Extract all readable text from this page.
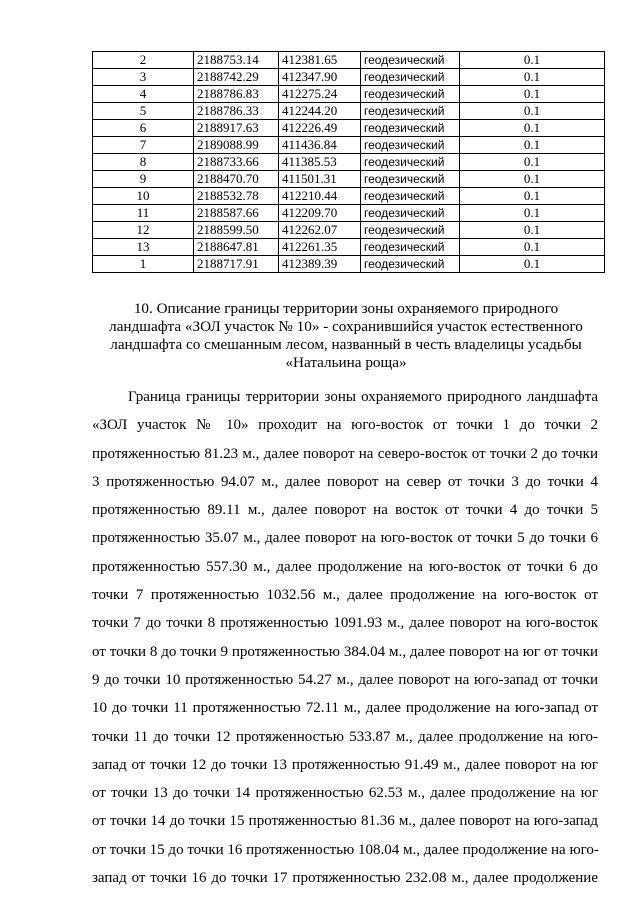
2	2188753.14	412381.65	геодезический	0.1
3	2188742.29	412347.90	геодезический	0.1
4	2188786.83	412275.24	геодезический	0.1
5	2188786.33	412244.20	геодезический	0.1
6	2188917.63	412226.49	геодезический	0.1
7	2189088.99	411436.84	геодезический	0.1
8	2188733.66	411385.53	геодезический	0.1
9	2188470.70	411501.31	геодезический	0.1
10	2188532.78	412210.44	геодезический	0.1
11	2188587.66	412209.70	геодезический	0.1
12	2188599.50	412262.07	геодезический	0.1
13	2188647.81	412261.35	геодезический	0.1
1	2188717.91	412389.39	геодезический	0.1
10. Описание границы территории зоны охраняемого природного
ландшафта «ЗОЛ участок № 10» - сохранившийся участок естественного
ландшафта со смешанным лесом, названный в честь владелицы усадьбы
«Натальина роща»
Граница границы территории зоны охраняемого природного ландшафта
«ЗОЛ участок № 10» проходит на юго-восток от точки 1 до точки 2
протяженностью 81.23 м., далее поворот на северо-восток от точки 2 до точки
3 протяженностью 94.07 м., далее поворот на север от точки 3 до точки 4
протяженностью 89.11 м., далее поворот на восток от точки 4 до точки 5
протяженностью 35.07 м., далее поворот на юго-восток от точки 5 до точки 6
протяженностью 557.30 м., далее продолжение на юго-восток от точки 6 до
точки 7 протяженностью 1032.56 м., далее продолжение на юго-восток от
точки 7 до точки 8 протяженностью 1091.93 м., далее поворот на юго-восток
от точки 8 до точки 9 протяженностью 384.04 м., далее поворот на юг от точки
9 до точки 10 протяженностью 54.27 м., далее поворот на юго-запад от точки
10 до точки 11 протяженностью 72.11 м., далее продолжение на юго-запад от
точки 11 до точки 12 протяженностью 533.87 м., далее продолжение на юго-
запад от точки 12 до точки 13 протяженностью 91.49 м., далее поворот на юг
от точки 13 до точки 14 протяженностью 62.53 м., далее продолжение на юг
от точки 14 до точки 15 протяженностью 81.36 м., далее поворот на юго-запад
от точки 15 до точки 16 протяженностью 108.04 м., далее продолжение на юго-
запад от точки 16 до точки 17 протяженностью 232.08 м., далее продолжение
